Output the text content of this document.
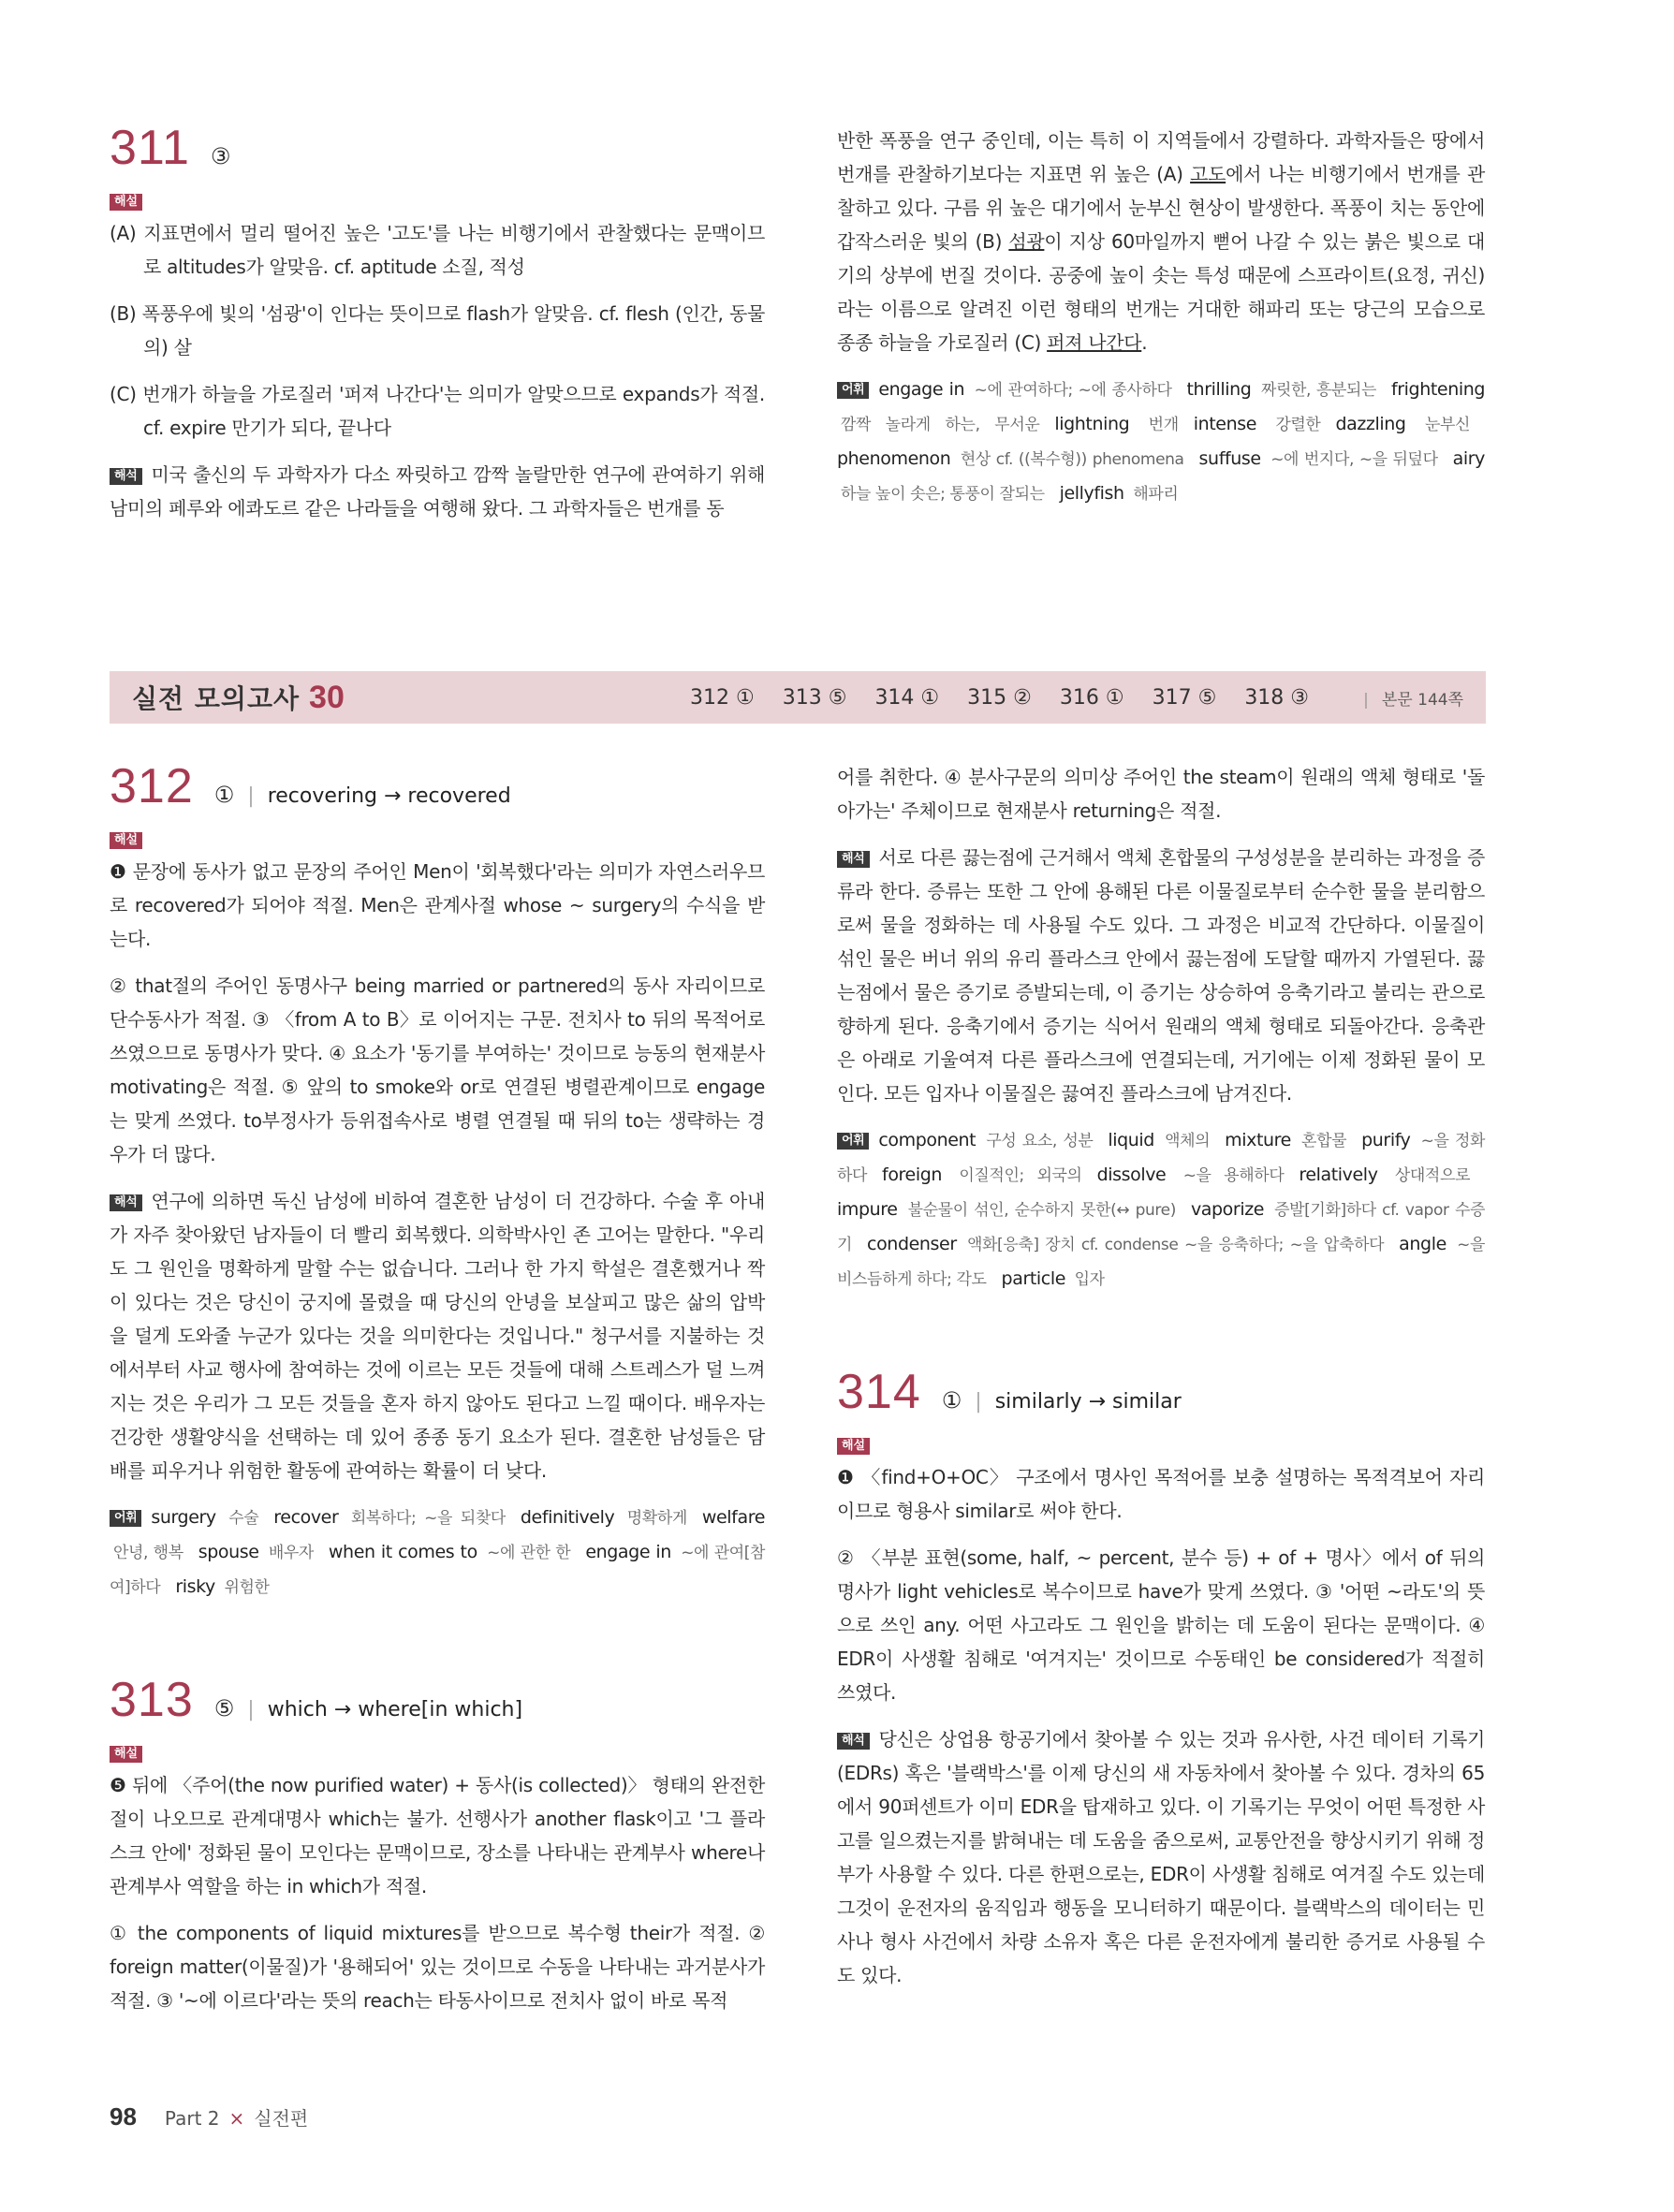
311 ③
해설

(A) 지표면에서 멀리 떨어진 높은 '고도'를 나는 비행기에서 관찰했다는 문맥이므로 altitudes가 알맞음. cf. aptitude 소질, 적성

(B) 폭풍우에 빛의 '섬광'이 인다는 뜻이므로 flash가 알맞음. cf. flesh (인간, 동물의) 살

(C) 번개가 하늘을 가로질러 '퍼져 나간다'는 의미가 알맞으므로 expands가 적절. cf. expire 만기가 되다, 끝나다

해석 미국 출신의 두 과학자가 다소 짜릿하고 깜짝 놀랄만한 연구에 관여하기 위해 남미의 페루와 에콰도르 같은 나라들을 여행해 왔다. 그 과학자들은 번개를 동

반한 폭풍을 연구 중인데, 이는 특히 이 지역들에서 강렬하다. 과학자들은 땅에서 번개를 관찰하기보다는 지표면 위 높은 (A) 고도에서 나는 비행기에서 번개를 관찰하고 있다. 구름 위 높은 대기에서 눈부신 현상이 발생한다. 폭풍이 치는 동안에 갑작스러운 빛의 (B) 섬광이 지상 60마일까지 뻗어 나갈 수 있는 붉은 빛으로 대기의 상부에 번질 것이다. 공중에 높이 솟는 특성 때문에 스프라이트(요정, 귀신)라는 이름으로 알려진 이런 형태의 번개는 거대한 해파리 또는 당근의 모습으로 종종 하늘을 가로질러 (C) 퍼져 나간다.

어휘 engage in ~에 관여하다; ~에 종사하다 thrilling 짜릿한, 흥분되는 frightening 깜짝 놀라게 하는, 무서운 lightning 번개 intense 강렬한 dazzling 눈부신phenomenon 현상 cf. ((복수형)) phenomena suffuse ~에 번지다, ~을 뒤덮다 airy 하늘 높이 솟은; 통풍이 잘되는 jellyfish 해파리

실전 모의고사 30	312 ① 313 ⑤ 314 ① 315 ② 316 ① 317 ⑤ 318 ③	| 본문 144쪽
312 ① | recovering → recovered
해설

❶ 문장에 동사가 없고 문장의 주어인 Men이 '회복했다'라는 의미가 자연스러우므로 recovered가 되어야 적절. Men은 관계사절 whose ~ surgery의 수식을 받는다.

② that절의 주어인 동명사구 being married or partnered의 동사 자리이므로 단수동사가 적절. ③ 〈from A to B〉로 이어지는 구문. 전치사 to 뒤의 목적어로 쓰였으므로 동명사가 맞다. ④ 요소가 '동기를 부여하는' 것이므로 능동의 현재분사 motivating은 적절. ⑤ 앞의 to smoke와 or로 연결된 병렬관계이므로 engage는 맞게 쓰였다. to부정사가 등위접속사로 병렬 연결될 때 뒤의 to는 생략하는 경우가 더 많다.

해석 연구에 의하면 독신 남성에 비하여 결혼한 남성이 더 건강하다. 수술 후 아내가 자주 찾아왔던 남자들이 더 빨리 회복했다. 의학박사인 존 고어는 말한다. "우리도 그 원인을 명확하게 말할 수는 없습니다. 그러나 한 가지 학설은 결혼했거나 짝이 있다는 것은 당신이 궁지에 몰렸을 때 당신의 안녕을 보살피고 많은 삶의 압박을 덜게 도와줄 누군가 있다는 것을 의미한다는 것입니다." 청구서를 지불하는 것에서부터 사교 행사에 참여하는 것에 이르는 모든 것들에 대해 스트레스가 덜 느껴지는 것은 우리가 그 모든 것들을 혼자 하지 않아도 된다고 느낄 때이다. 배우자는 건강한 생활양식을 선택하는 데 있어 종종 동기 요소가 된다. 결혼한 남성들은 담배를 피우거나 위험한 활동에 관여하는 확률이 더 낮다.

어휘 surgery 수술 recover 회복하다; ~을 되찾다 definitively 명확하게 welfare 안녕, 행복 spouse 배우자 when it comes to ~에 관한 한 engage in ~에 관여[참여]하다 risky 위험한

313 ⑤ | which → where[in which]
해설

❺ 뒤에 〈주어(the now purified water) + 동사(is collected)〉 형태의 완전한 절이 나오므로 관계대명사 which는 불가. 선행사가 another flask이고 '그 플라스크 안에' 정화된 물이 모인다는 문맥이므로, 장소를 나타내는 관계부사 where나 관계부사 역할을 하는 in which가 적절.

① the components of liquid mixtures를 받으므로 복수형 their가 적절. ② foreign matter(이물질)가 '용해되어' 있는 것이므로 수동을 나타내는 과거분사가 적절. ③ '~에 이르다'라는 뜻의 reach는 타동사이므로 전치사 없이 바로 목적

어를 취한다. ④ 분사구문의 의미상 주어인 the steam이 원래의 액체 형태로 '돌아가는' 주체이므로 현재분사 returning은 적절.

해석 서로 다른 끓는점에 근거해서 액체 혼합물의 구성성분을 분리하는 과정을 증류라 한다. 증류는 또한 그 안에 용해된 다른 이물질로부터 순수한 물을 분리함으로써 물을 정화하는 데 사용될 수도 있다. 그 과정은 비교적 간단하다. 이물질이 섞인 물은 버너 위의 유리 플라스크 안에서 끓는점에 도달할 때까지 가열된다. 끓는점에서 물은 증기로 증발되는데, 이 증기는 상승하여 응축기라고 불리는 관으로 향하게 된다. 응축기에서 증기는 식어서 원래의 액체 형태로 되돌아간다. 응축관은 아래로 기울여져 다른 플라스크에 연결되는데, 거기에는 이제 정화된 물이 모인다. 모든 입자나 이물질은 끓여진 플라스크에 남겨진다.

어휘 component 구성 요소, 성분 liquid 액체의 mixture 혼합물 purify ~을 정화하다 foreign 이질적인; 외국의 dissolve ~을 용해하다 relatively 상대적으로impure 불순물이 섞인, 순수하지 못한(↔ pure) vaporize 증발[기화]하다 cf. vapor 수증기 condenser 액화[응축] 장치 cf. condense ~을 응축하다; ~을 압축하다 angle ~을 비스듬하게 하다; 각도 particle 입자

314 ① | similarly → similar
해설

❶ 〈find+O+OC〉 구조에서 명사인 목적어를 보충 설명하는 목적격보어 자리이므로 형용사 similar로 써야 한다.

② 〈부분 표현(some, half, ~ percent, 분수 등) + of + 명사〉에서 of 뒤의 명사가 light vehicles로 복수이므로 have가 맞게 쓰였다. ③ '어떤 ~라도'의 뜻으로 쓰인 any. 어떤 사고라도 그 원인을 밝히는 데 도움이 된다는 문맥이다. ④ EDR이 사생활 침해로 '여겨지는' 것이므로 수동태인 be considered가 적절히 쓰였다.

해석 당신은 상업용 항공기에서 찾아볼 수 있는 것과 유사한, 사건 데이터 기록기(EDRs) 혹은 '블랙박스'를 이제 당신의 새 자동차에서 찾아볼 수 있다. 경차의 65에서 90퍼센트가 이미 EDR을 탑재하고 있다. 이 기록기는 무엇이 어떤 특정한 사고를 일으켰는지를 밝혀내는 데 도움을 줌으로써, 교통안전을 향상시키기 위해 정부가 사용할 수 있다. 다른 한편으로는, EDR이 사생활 침해로 여겨질 수도 있는데 그것이 운전자의 움직임과 행동을 모니터하기 때문이다. 블랙박스의 데이터는 민사나 형사 사건에서 차량 소유자 혹은 다른 운전자에게 불리한 증거로 사용될 수도 있다.

98 Part 2 × 실전편
